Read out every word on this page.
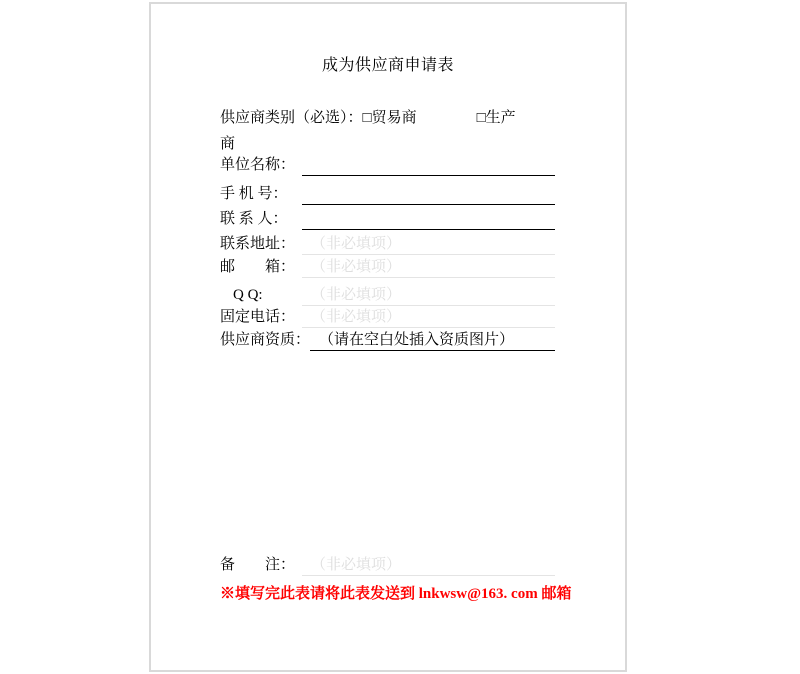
成为供应商申请表
供应商类别（必选）：□贸易商	□生产
商
单位名称：
手 机 号：
联 系 人：
联系地址：	（非必填项）
邮　　箱：	（非必填项）
Q Q:	（非必填项）
固定电话：	（非必填项）
供应商资质： （请在空白处插入资质图片）
备　　注：	（非必填项）
※填写完此表请将此表发送到 lnkwsw@163. com 邮箱
